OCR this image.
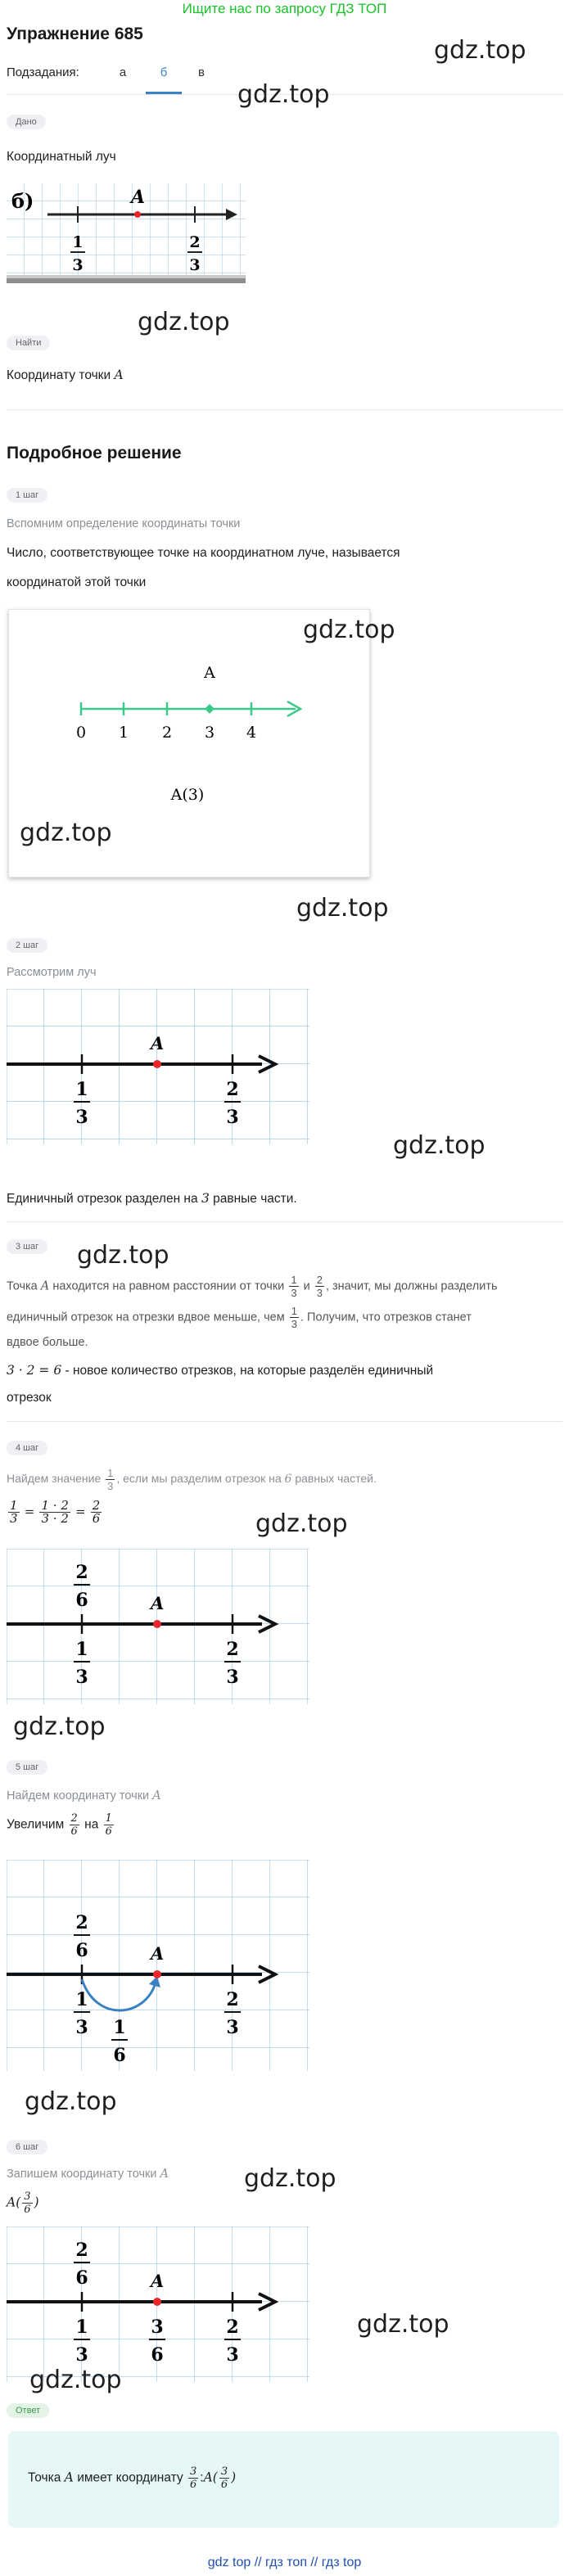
Ищите нас по запросу ГДЗ ТОП
Упражнение 685
gdz.top
Подзадания:	а	б	в
gdz.top
Дано
Координатный луч
б)	A
1
3
2
3
gdz.top
Найти
Координату точки A
Подробное решение
1 шаг
Вспомним определение координаты точки
Число, соответствующее точке на координатном луче, называется
координатой этой точки
A
0 1 2 3 4
A(3)
gdz.top
gdz.top
gdz.top
2 шаг
Рассмотрим луч
A
1
3
2
3
gdz.top
Единичный отрезок разделен на 3 равные части.
3 шаг	gdz.top
Точка A находится на равном расстоянии от точки $\frac{1}{3}$ и $\frac{2}{3}$ , значит, мы должны разделить
единичный отрезок на отрезки вдвое меньше, чем $\frac{1}{3}$ . Получим, что отрезков станет
вдвое больше.
3 · 2 = 6 - новое количество отрезков, на которые разделён единичный
отрезок
4 шаг
Найдем значение $\frac{1}{3}$ , если мы разделим отрезок на 6 равных частей.
$\frac{1}{3} = \frac{1 \cdot 2}{3 \cdot 2} = \frac{2}{6}$	gdz.top
A
2
6
1
3
2
3
gdz.top
5 шаг
Найдем координату точки A
Увеличим $\frac{2}{6}$ на $\frac{1}{6}$
A
2
6
1
3 1
6
2
3
gdz.top
6 шаг
Запишем координату точки A
$A( \frac{3}{6}$ )
gdz.top
A
2
6
1
3
3
6
2
3
gdz.top
gdz.top
Ответ
Точка A имеет координату $\frac{3}{6}$ :A( $\frac{3}{6}$ )
gdz top // гдз топ // гдз top
